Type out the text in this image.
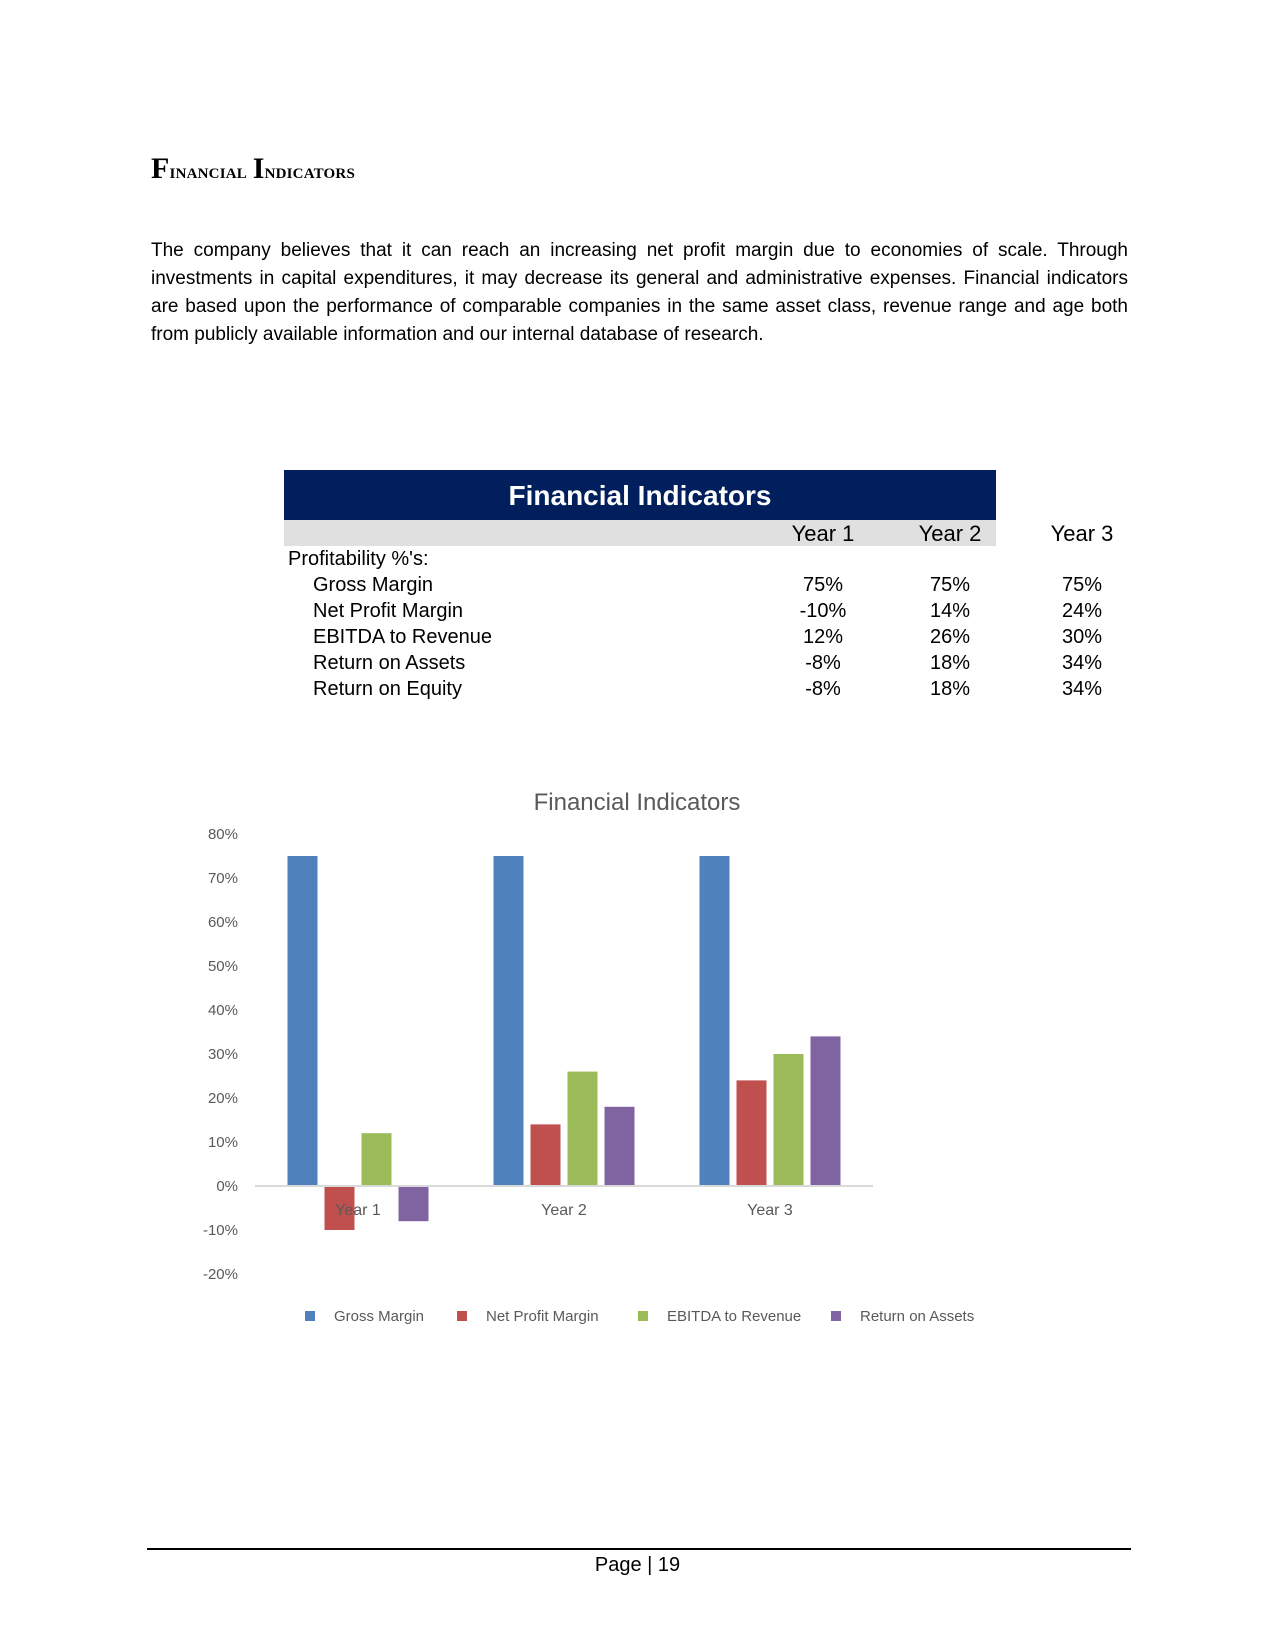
Financial Indicators

The company believes that it can reach an increasing net profit margin due to economies of scale. Through investments in capital expenditures, it may decrease its general and administrative expenses. Financial indicators are based upon the performance of comparable companies in the same asset class, revenue range and age both from publicly available information and our internal database of research.

Financial Indicators
Year 1	Year 2	Year 3
Profitability %'s:
Gross Margin	75%	75%	75%
Net Profit Margin	-10%	14%	24%
EBITDA to Revenue	12%	26%	30%
Return on Assets	-8%	18%	34%
Return on Equity	-8%	18%	34%
Financial Indicators
80%
70%
60%
50%
40%
30%
20%
10%
0%
-10%
-20%
Year 1	Year 2	Year 3
Gross Margin	Net Profit Margin	EBITDA to Revenue	Return on Assets
Page | 19
